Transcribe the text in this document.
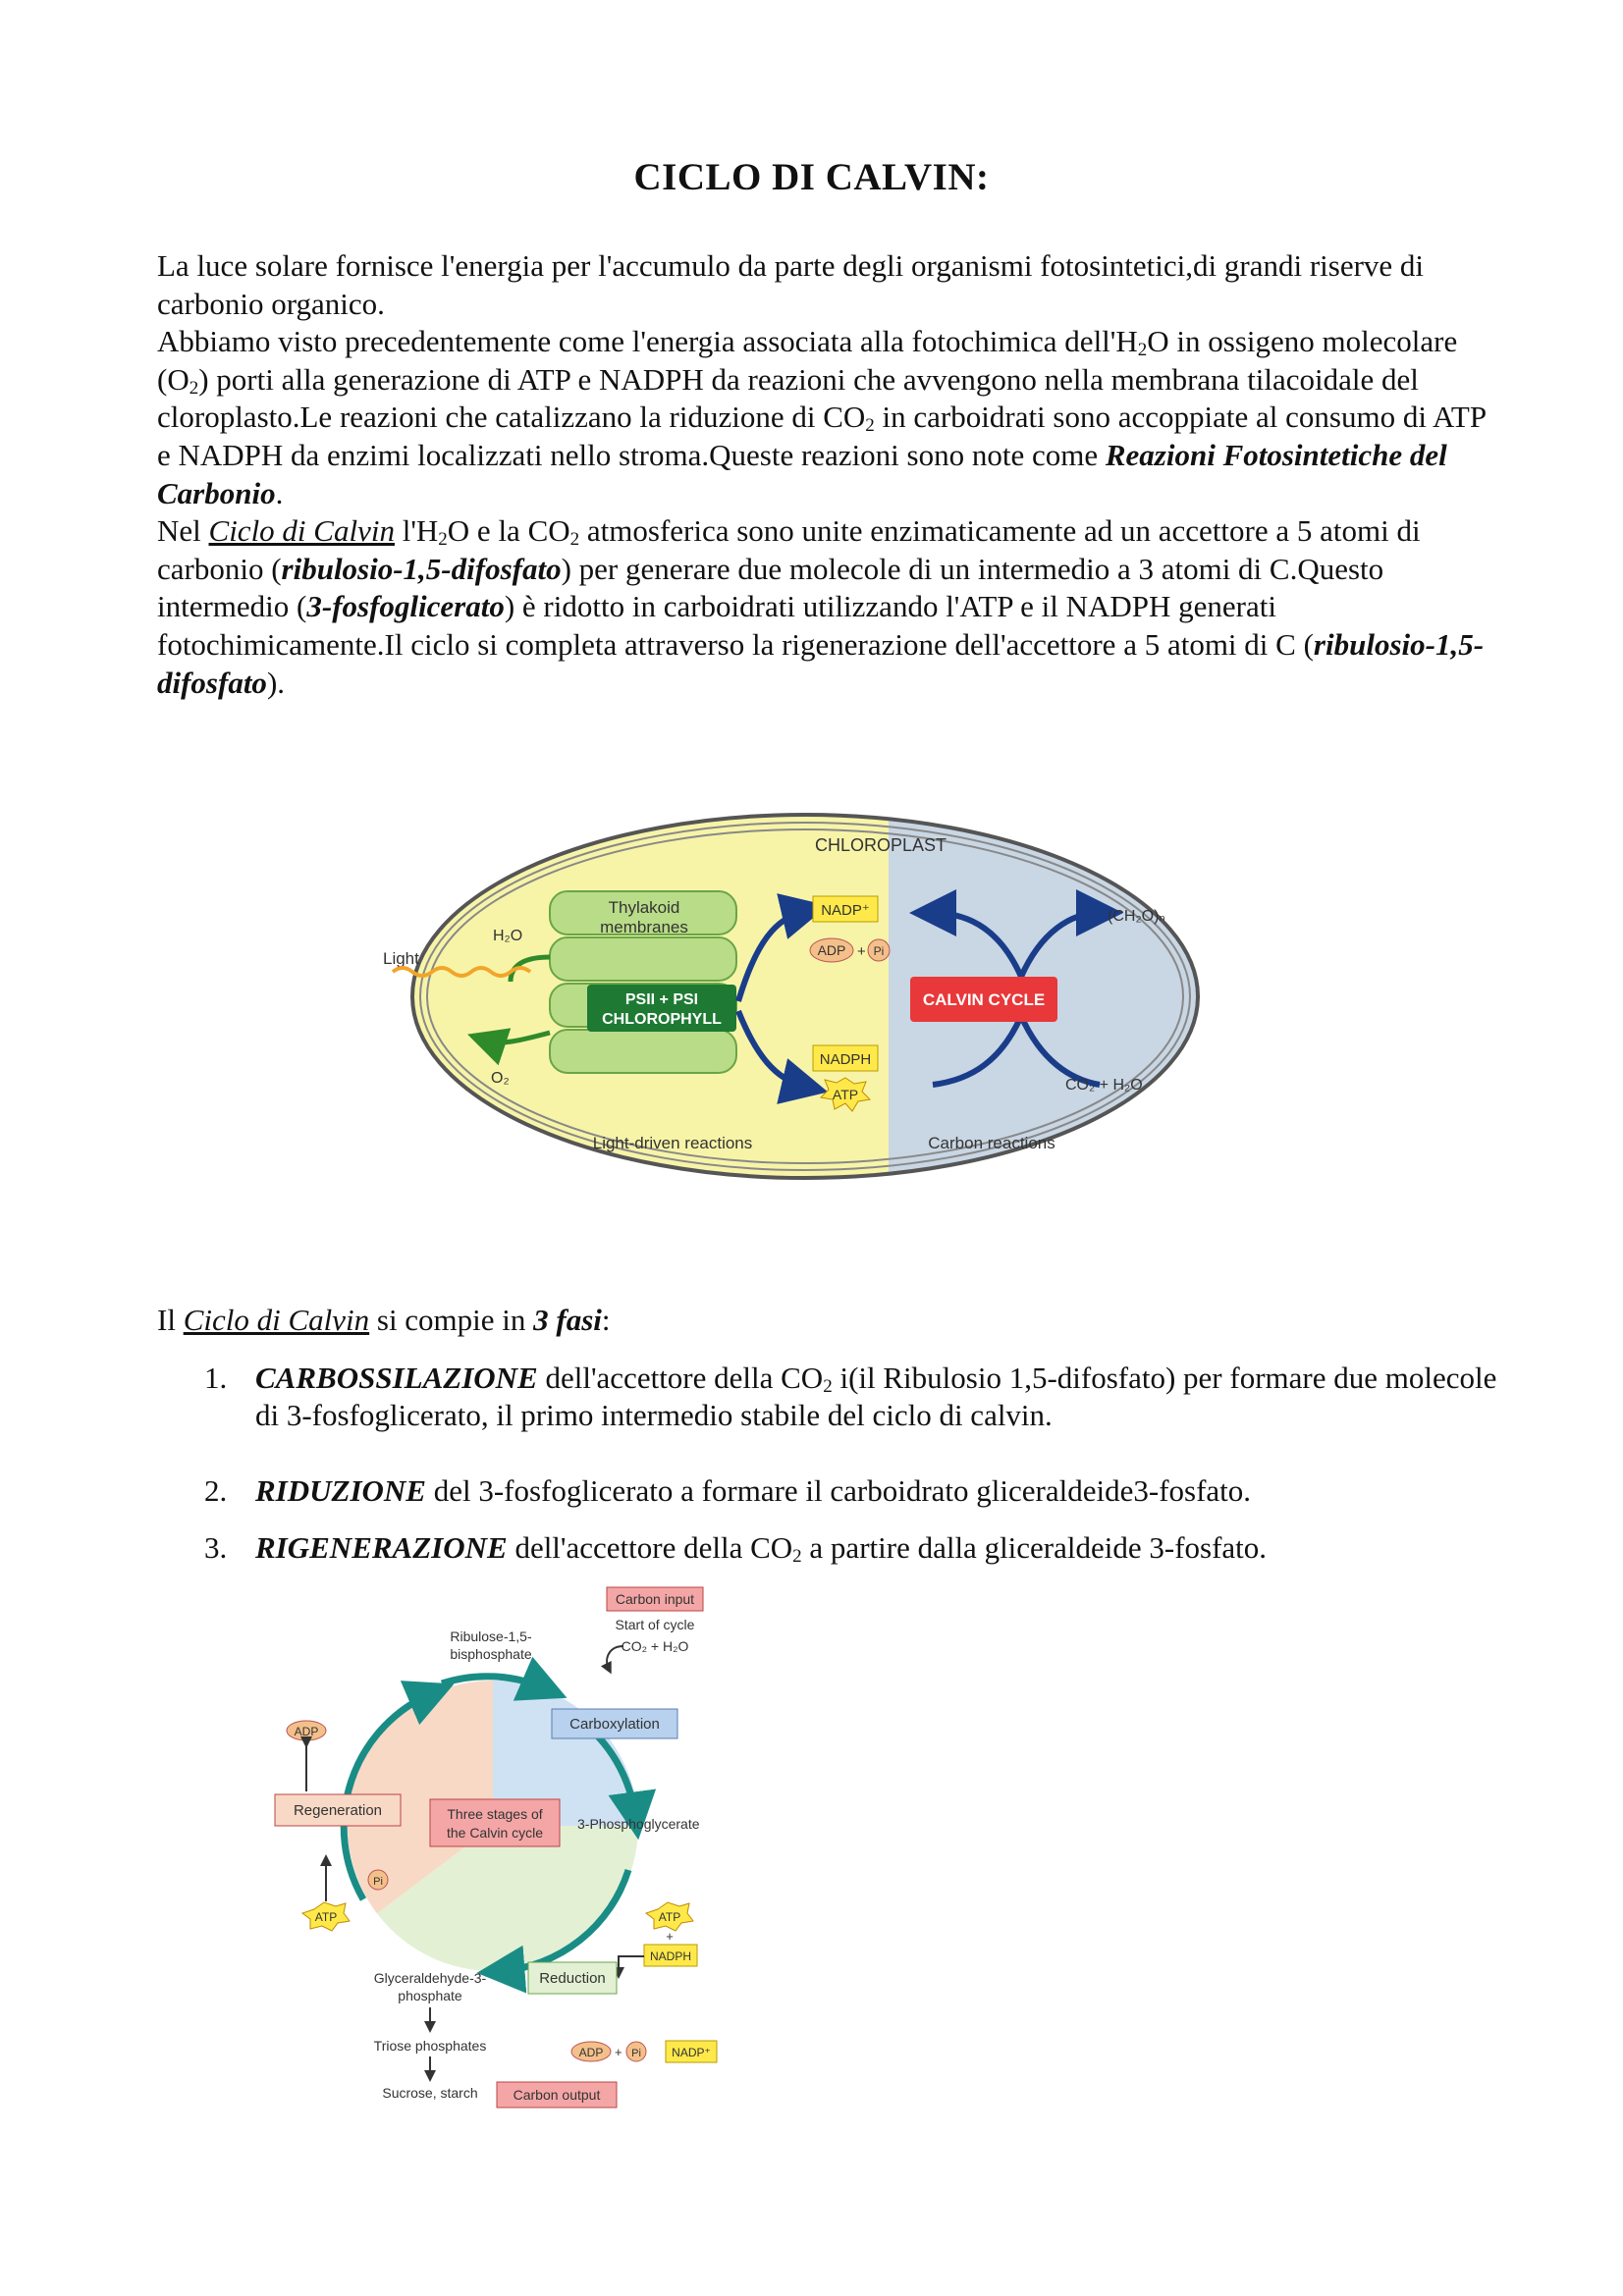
CICLO DI CALVIN:

La luce solare fornisce l'energia per l'accumulo da parte degli organismi fotosintetici,di grandi riserve di carbonio organico.

Abbiamo visto precedentemente come l'energia associata alla fotochimica $dell'H_2O$ in ossigeno molecolare $(O_2)$ porti alla generazione di ATP e NADPH da reazioni che avvengono nella membrana tilacoidale del cloroplasto.Le reazioni che catalizzano la riduzione di $CO_2$ in carboidrati sono accoppiate al consumo di ATP e NADPH da enzimi localizzati nello stroma.Queste reazioni sono note come Reazioni Fotosintetiche del Carbonio.

Nel Ciclo di Calvin $l'H_2O$ e la $CO_2$ atmosferica sono unite enzimaticamente ad un accettore a 5 atomi di carbonio (ribulosio-1,5-difosfato) per generare due molecole di un intermedio a 3 atomi di C.Questo intermedio (3-fosfoglicerato) è ridotto in carboidrati utilizzando l'ATP e il NADPH generati fotochimicamente.Il ciclo si completa attraverso la rigenerazione dell'accettore a 5 atomi di C (ribulosio-1,5-difosfato).

CHLOROPLAST
Thylakoid
membranes
PSII + PSI
CHLOROPHYLL
Light
H₂O
O₂
NADP⁺
ADP + Pi
NADPH
ATP
CALVIN CYCLE
(CH₂O)ₙ
CO₂ + H₂O
Light-driven reactions	Carbon reactions
Il Ciclo di Calvin si compie in 3 fasi:
1. CARBOSSILAZIONE dell'accettore della $CO_2$ i(il Ribulosio 1,5-difosfato) per formare due molecole di 3-fosfoglicerato, il primo intermedio stabile del ciclo di calvin.
2. RIDUZIONE del 3-fosfoglicerato a formare il carboidrato gliceraldeide3-fosfato.
3. RIGENERAZIONE dell'accettore della $CO_2$ a partire dalla gliceraldeide 3-fosfato.
Carbon input
Start of cycle
CO₂ + H₂O
Ribulose-1,5-
bisphosphate
Carboxylation
3-Phosphoglycerate
ADP
Regeneration	Three stages of
the Calvin cycle
Pi
ATP	ATP
+
NADPH
Reduction
Glyceraldehyde-3-
phosphate
Triose phosphates
Sucrose, starch	Carbon output
ADP + Pi	NADP⁺
